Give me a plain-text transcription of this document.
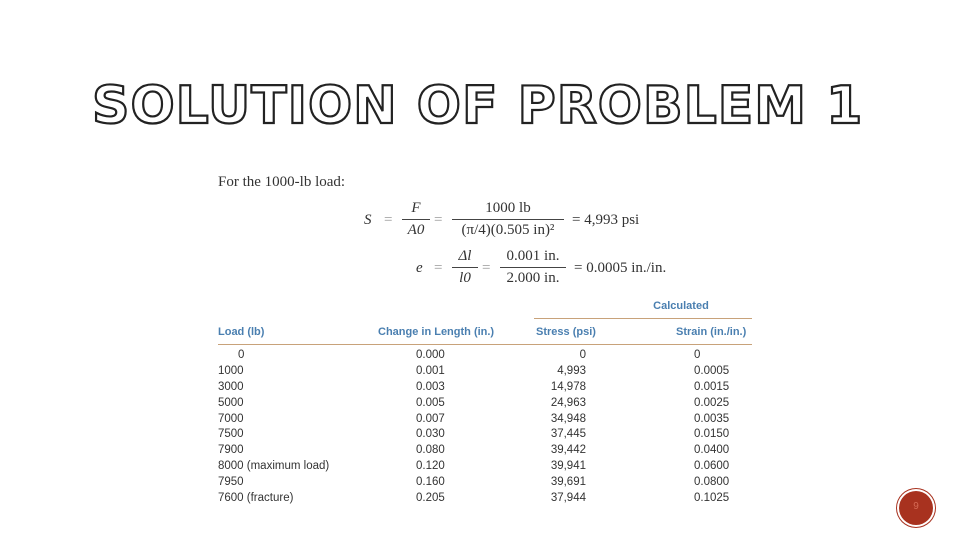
SOLUTION OF PROBLEM 1
For the 1000-lb load:
$S = \frac{F}{A0} = \frac{1000 lb}{\text{(π/4)(0.505 in)²}} = 4,993$ psi
$e = \frac{\Delta l}{l0} = \frac{0.001 in.}{2.000 in.} = 0.0005$ in./in.
Calculated
Load (lb)	Change in Length (in.)	Stress (psi)	Strain (in./in.)
0	0.000	0	0
1000	0.001	4,993	0.0005
3000	0.003	14,978	0.0015
5000	0.005	24,963	0.0025
7000	0.007	34,948	0.0035
7500	0.030	37,445	0.0150
7900	0.080	39,442	0.0400
8000 (maximum load)	0.120	39,941	0.0600
7950	0.160	39,691	0.0800
7600 (fracture)	0.205	37,944	0.1025
9
